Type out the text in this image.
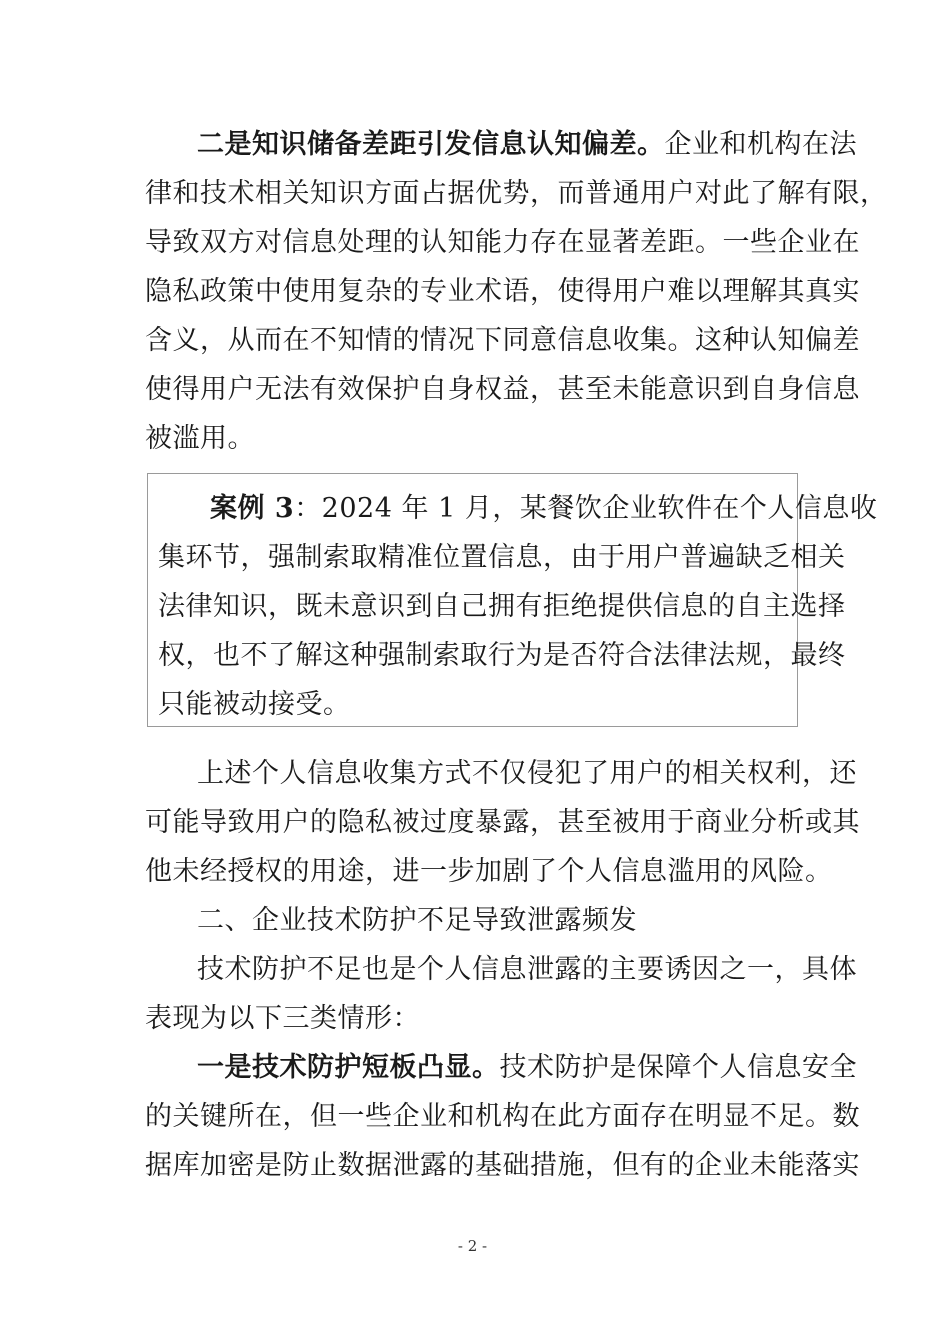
二是知识储备差距引发信息认知偏差。企业和机构在法
律和技术相关知识方面占据优势，而普通用户对此了解有限，
导致双方对信息处理的认知能力存在显著差距。一些企业在
隐私政策中使用复杂的专业术语，使得用户难以理解其真实
含义，从而在不知情的情况下同意信息收集。这种认知偏差
使得用户无法有效保护自身权益，甚至未能意识到自身信息
被滥用。
案例 3：2024 年 1 月，某餐饮企业软件在个人信息收
集环节，强制索取精准位置信息，由于用户普遍缺乏相关
法律知识，既未意识到自己拥有拒绝提供信息的自主选择
权，也不了解这种强制索取行为是否符合法律法规，最终
只能被动接受。
上述个人信息收集方式不仅侵犯了用户的相关权利，还
可能导致用户的隐私被过度暴露，甚至被用于商业分析或其
他未经授权的用途，进一步加剧了个人信息滥用的风险。
二、企业技术防护不足导致泄露频发
技术防护不足也是个人信息泄露的主要诱因之一，具体
表现为以下三类情形：
一是技术防护短板凸显。技术防护是保障个人信息安全
的关键所在，但一些企业和机构在此方面存在明显不足。数
据库加密是防止数据泄露的基础措施，但有的企业未能落实
- 2 -
